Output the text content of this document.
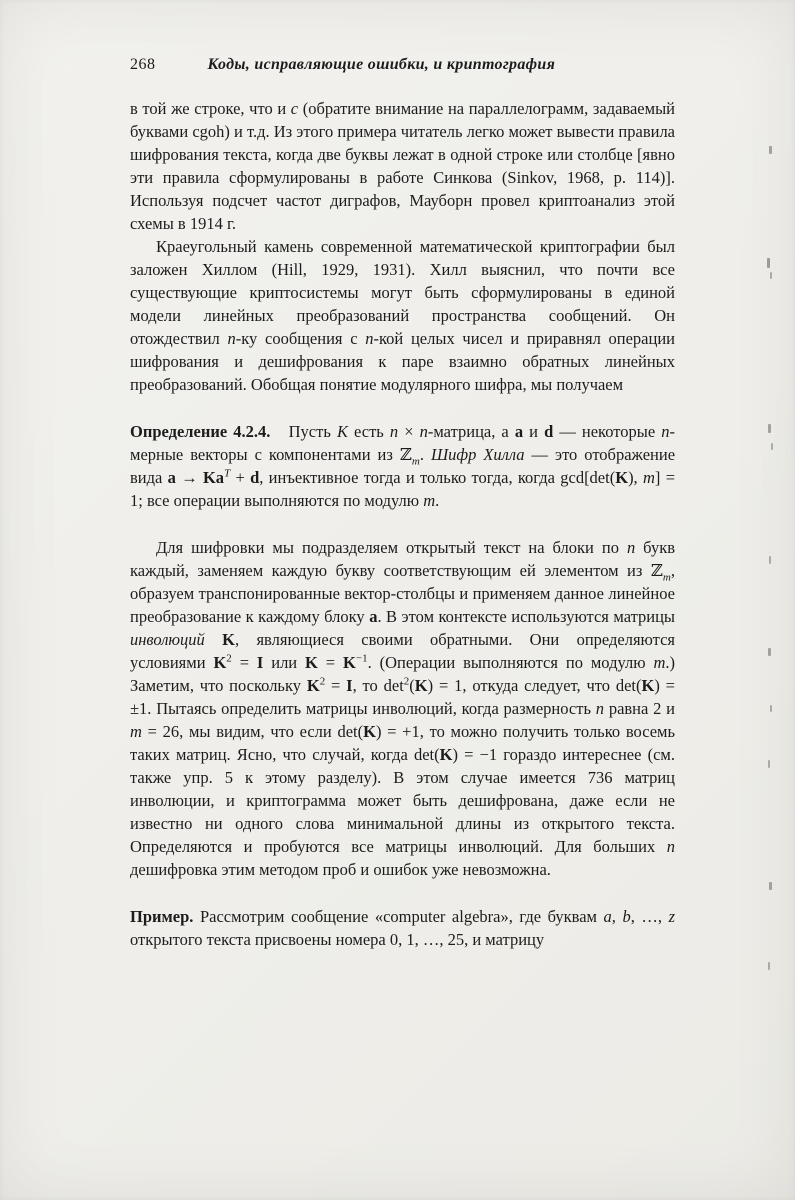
268	Коды, исправляющие ошибки, и криптография

в той же строке, что и c (обратите внимание на параллелограмм, задаваемый буквами cgoh) и т.д. Из этого примера читатель легко может вывести правила шифрования текста, когда две буквы лежат в одной строке или столбце [явно эти правила сформулированы в работе Синкова (Sinkov, 1968, p. 114)]. Используя подсчет частот диграфов, Мауборн провел криптоанализ этой схемы в 1914 г.

Краеугольный камень современной математической криптографии был заложен Хиллом (Hill, 1929, 1931). Хилл выяснил, что почти все существующие криптосистемы могут быть сформулированы в единой модели линейных преобразований пространства сообщений. Он отождествил n-ку сообщения с n-кой целых чисел и приравнял операции шифрования и дешифрования к паре взаимно обратных линейных преобразований. Обобщая понятие модулярного шифра, мы получаем

Определение 4.2.4.   Пусть K есть n × n-матрица, а a и d — некоторые n-мерные векторы с компонентами из ℤ$_m$. Шифр Хилла — это отображение вида $a \to Ka^T + d$, инъективное тогда и только тогда, когда gcd[det(K), m] = 1; все операции выполняются по модулю m.

Для шифровки мы подразделяем открытый текст на блоки по n букв каждый, заменяем каждую букву соответствующим ей элементом из ℤ$_m$, образуем транспонированные вектор-столбцы и применяем данное линейное преобразование к каждому блоку a. В этом контексте используются матрицы инволюций K, являющиеся своими обратными. Они определяются условиями $K^2 = I$ или $K = K^{-1}$. (Операции выполняются по модулю m.) Заметим, что поскольку $K^2 = I$, то $\det^2(K) = 1$, откуда следует, что det(K) = ±1. Пытаясь определить матрицы инволюций, когда размерность n равна 2 и m = 26, мы видим, что если det(K) = +1, то можно получить только восемь таких матриц. Ясно, что случай, когда det(K) = −1 гораздо интереснее (см. также упр. 5 к этому разделу). В этом случае имеется 736 матриц инволюции, и криптограмма может быть дешифрована, даже если не известно ни одного слова минимальной длины из открытого текста. Определяются и пробуются все матрицы инволюций. Для больших n дешифровка этим методом проб и ошибок уже невозможна.

Пример. Рассмотрим сообщение «computer algebra», где буквам a, b, …, z открытого текста присвоены номера 0, 1, …, 25, и матрицу
